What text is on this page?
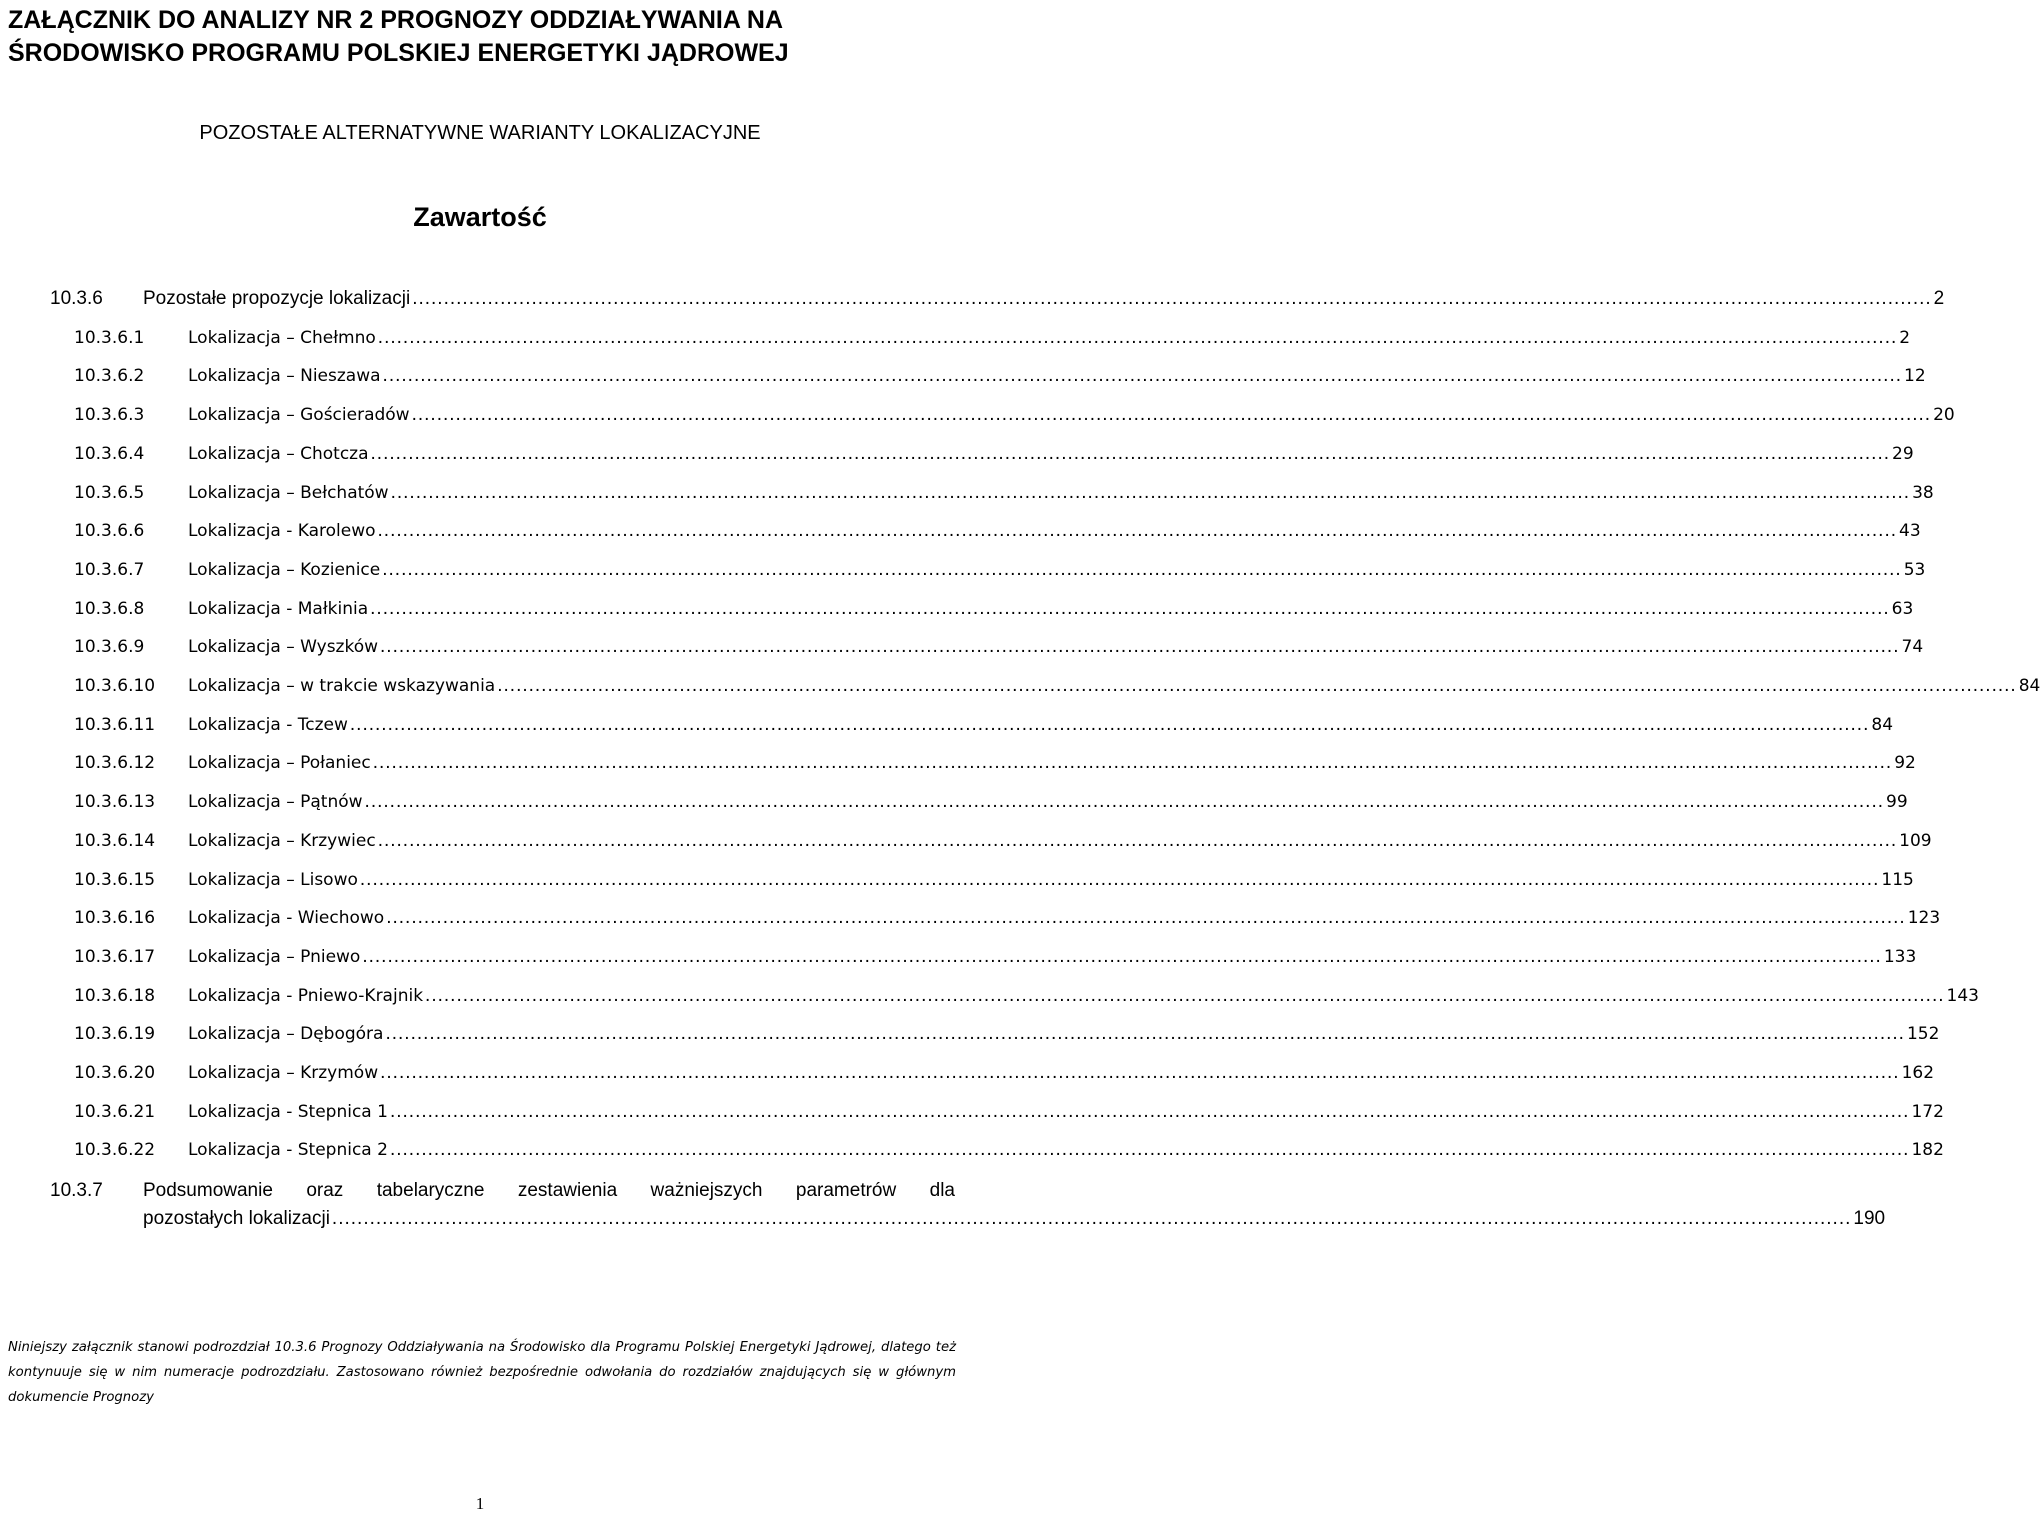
ZAŁĄCZNIK DO ANALIZY NR 2 PROGNOZY ODDZIAŁYWANIA NA ŚRODOWISKO PROGRAMU POLSKIEJ ENERGETYKI JĄDROWEJ

POZOSTAŁE ALTERNATYWNE WARIANTY LOKALIZACYJNE

Zawartość
10.3.6 Pozostałe propozycje lokalizacji .................................................................................................................................................................................................................................................. 2
10.3.6.1	Lokalizacja – Chełmno .................................................................................................................................................................................................................................................. 2
10.3.6.2	Lokalizacja – Nieszawa .................................................................................................................................................................................................................................................. 12
10.3.6.3	Lokalizacja – Gościeradów .................................................................................................................................................................................................................................................. 20
10.3.6.4	Lokalizacja – Chotcza .................................................................................................................................................................................................................................................. 29
10.3.6.5	Lokalizacja – Bełchatów .................................................................................................................................................................................................................................................. 38
10.3.6.6	Lokalizacja - Karolewo .................................................................................................................................................................................................................................................. 43
10.3.6.7	Lokalizacja – Kozienice .................................................................................................................................................................................................................................................. 53
10.3.6.8	Lokalizacja - Małkinia .................................................................................................................................................................................................................................................. 63
10.3.6.9	Lokalizacja – Wyszków .................................................................................................................................................................................................................................................. 74
10.3.6.10 Lokalizacja – w trakcie wskazywania .................................................................................................................................................................................................................................................. 84
10.3.6.11 Lokalizacja - Tczew .................................................................................................................................................................................................................................................. 84
10.3.6.12 Lokalizacja – Połaniec .................................................................................................................................................................................................................................................. 92
10.3.6.13 Lokalizacja – Pątnów .................................................................................................................................................................................................................................................. 99
10.3.6.14 Lokalizacja – Krzywiec .................................................................................................................................................................................................................................................. 109
10.3.6.15 Lokalizacja – Lisowo .................................................................................................................................................................................................................................................. 115
10.3.6.16 Lokalizacja - Wiechowo .................................................................................................................................................................................................................................................. 123
10.3.6.17 Lokalizacja – Pniewo .................................................................................................................................................................................................................................................. 133
10.3.6.18 Lokalizacja - Pniewo-Krajnik .................................................................................................................................................................................................................................................. 143
10.3.6.19 Lokalizacja – Dębogóra .................................................................................................................................................................................................................................................. 152
10.3.6.20 Lokalizacja – Krzymów .................................................................................................................................................................................................................................................. 162
10.3.6.21 Lokalizacja - Stepnica 1 .................................................................................................................................................................................................................................................. 172
10.3.6.22 Lokalizacja - Stepnica 2 .................................................................................................................................................................................................................................................. 182
10.3.7 Podsumowanie oraz tabelaryczne zestawienia ważniejszych parametrów dla
pozostałych lokalizacji .................................................................................................................................................................................................................................................. 190

Niniejszy załącznik stanowi podrozdział 10.3.6 Prognozy Oddziaływania na Środowisko dla Programu Polskiej Energetyki Jądrowej, dlatego też kontynuuje się w nim numeracje podrozdziału. Zastosowano również bezpośrednie odwołania do rozdziałów znajdujących się w głównym dokumencie Prognozy

1
